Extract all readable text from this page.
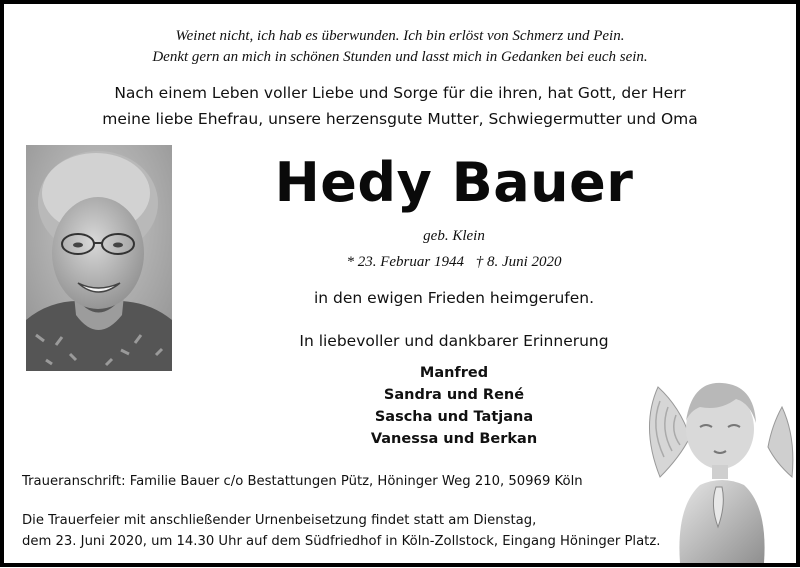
Weinet nicht, ich hab es überwunden. Ich bin erlöst von Schmerz und Pein.
Denkt gern an mich in schönen Stunden und lasst mich in Gedanken bei euch sein.
Nach einem Leben voller Liebe und Sorge für die ihren, hat Gott, der Herr
meine liebe Ehefrau, unsere herzensgute Mutter, Schwiegermutter und Oma
Hedy Bauer
geb. Klein
* 23. Februar 1944 † 8. Juni 2020
in den ewigen Frieden heimgerufen.
In liebevoller und dankbarer Erinnerung
Manfred
Sandra und René
Sascha und Tatjana
Vanessa und Berkan
Traueranschrift: Familie Bauer c/o Bestattungen Pütz, Höninger Weg 210, 50969 Köln
Die Trauerfeier mit anschließender Urnenbeisetzung findet statt am Dienstag,
dem 23. Juni 2020, um 14.30 Uhr auf dem Südfriedhof in Köln-Zollstock, Eingang Höninger Platz.
